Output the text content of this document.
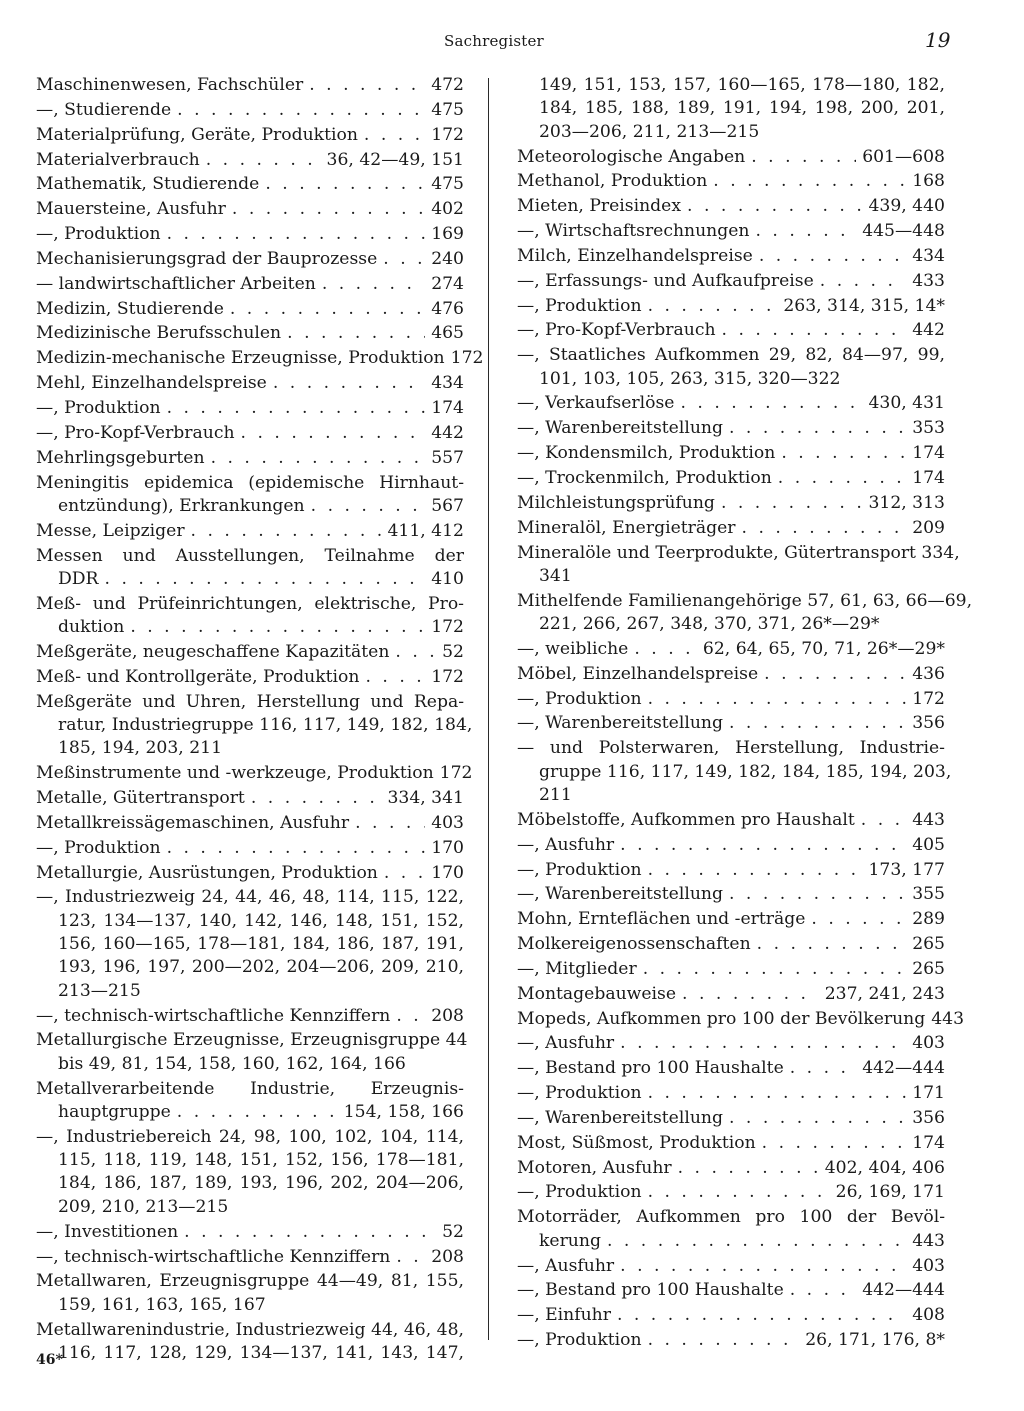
Sachregister	19
Maschinenwesen, Fachschüler . . .	472
—, Studierende . . .	475
Materialprüfung, Geräte, Produktion . . .	172
Materialverbrauch . . .	36, 42—49, 151
Mathematik, Studierende . . .	475
Mauersteine, Ausfuhr . . .	402
—, Produktion . . .	169
Mechanisierungsgrad der Bauprozesse . . .	240
— landwirtschaftlicher Arbeiten . . .	274
Medizin, Studierende . . .	476
Medizinische Berufsschulen . . .	465
Medizin-mechanische Erzeugnisse, Produktion 172
Mehl, Einzelhandelspreise . . .	434
—, Produktion . . .	174
—, Pro-Kopf-Verbrauch . . .	442
Mehrlingsgeburten . . .	557
Meningitis epidemica (epidemische Hirnhaut-
entzündung), Erkrankungen . . .	567
Messe, Leipziger . . .	411, 412
Messen und Ausstellungen, Teilnahme der
DDR . . .	410
Meß- und Prüfeinrichtungen, elektrische, Pro-
duktion . . .	172
Meßgeräte, neugeschaffene Kapazitäten . . .	52
Meß- und Kontrollgeräte, Produktion . . .	172
Meßgeräte und Uhren, Herstellung und Repa-
ratur, Industriegruppe 116, 117, 149, 182, 184,
185, 194, 203, 211
Meßinstrumente und -werkzeuge, Produktion 172
Metalle, Gütertransport . . .	334, 341
Metallkreissägemaschinen, Ausfuhr . . .	403
—, Produktion . . .	170
Metallurgie, Ausrüstungen, Produktion . . .	170
—, Industriezweig 24, 44, 46, 48, 114, 115, 122,
123, 134—137, 140, 142, 146, 148, 151, 152,
156, 160—165, 178—181, 184, 186, 187, 191,
193, 196, 197, 200—202, 204—206, 209, 210,
213—215
—, technisch-wirtschaftliche Kennziffern . . . 208
Metallurgische Erzeugnisse, Erzeugnisgruppe 44
bis 49, 81, 154, 158, 160, 162, 164, 166
Metallverarbeitende Industrie, Erzeugnis-
hauptgruppe . . .	154, 158, 166
—, Industriebereich 24, 98, 100, 102, 104, 114,
115, 118, 119, 148, 151, 152, 156, 178—181,
184, 186, 187, 189, 193, 196, 202, 204—206,
209, 210, 213—215
—, Investitionen . . .	52
—, technisch-wirtschaftliche Kennziffern . . . 208
Metallwaren, Erzeugnisgruppe 44—49, 81, 155,
159, 161, 163, 165, 167
Metallwarenindustrie, Industriezweig 44, 46, 48,
116, 117, 128, 129, 134—137, 141, 143, 147,
149, 151, 153, 157, 160—165, 178—180, 182,
184, 185, 188, 189, 191, 194, 198, 200, 201,
203—206, 211, 213—215
Meteorologische Angaben . . .	601—608
Methanol, Produktion . . .	168
Mieten, Preisindex . . .	439, 440
—, Wirtschaftsrechnungen . . .	445—448
Milch, Einzelhandelspreise . . .	434
—, Erfassungs- und Aufkaufpreise . . .	433
—, Produktion . . .	263, 314, 315, 14*
—, Pro-Kopf-Verbrauch . . .	442
—, Staatliches Aufkommen 29, 82, 84—97, 99,
101, 103, 105, 263, 315, 320—322
—, Verkaufserlöse . . .	430, 431
—, Warenbereitstellung . . .	353
—, Kondensmilch, Produktion . . .	174
—, Trockenmilch, Produktion . . .	174
Milchleistungsprüfung . . .	312, 313
Mineralöl, Energieträger . . .	209
Mineralöle und Teerprodukte, Gütertransport 334,
341
Mithelfende Familienangehörige 57, 61, 63, 66—69,
221, 266, 267, 348, 370, 371, 26*—29*
—, weibliche . . .	62, 64, 65, 70, 71, 26*—29*
Möbel, Einzelhandelspreise . . .	436
—, Produktion . . .	172
—, Warenbereitstellung . . .	356
— und Polsterwaren, Herstellung, Industrie-
gruppe 116, 117, 149, 182, 184, 185, 194, 203,
211
Möbelstoffe, Aufkommen pro Haushalt . . .	443
—, Ausfuhr . . .	405
—, Produktion . . .	173, 177
—, Warenbereitstellung . . .	355
Mohn, Ernteflächen und -erträge . . .	289
Molkereigenossenschaften . . .	265
—, Mitglieder . . .	265
Montagebauweise . . .	237, 241, 243
Mopeds, Aufkommen pro 100 der Bevölkerung 443
—, Ausfuhr . . .	403
—, Bestand pro 100 Haushalte . . .	442—444
—, Produktion . . .	171
—, Warenbereitstellung . . .	356
Most, Süßmost, Produktion . . .	174
Motoren, Ausfuhr . . .	402, 404, 406
—, Produktion . . .	26, 169, 171
Motorräder, Aufkommen pro 100 der Bevöl-
kerung . . .	443
—, Ausfuhr . . .	403
—, Bestand pro 100 Haushalte . . .	442—444
—, Einfuhr . . .	408
—, Produktion . . .	26, 171, 176, 8*
46*
